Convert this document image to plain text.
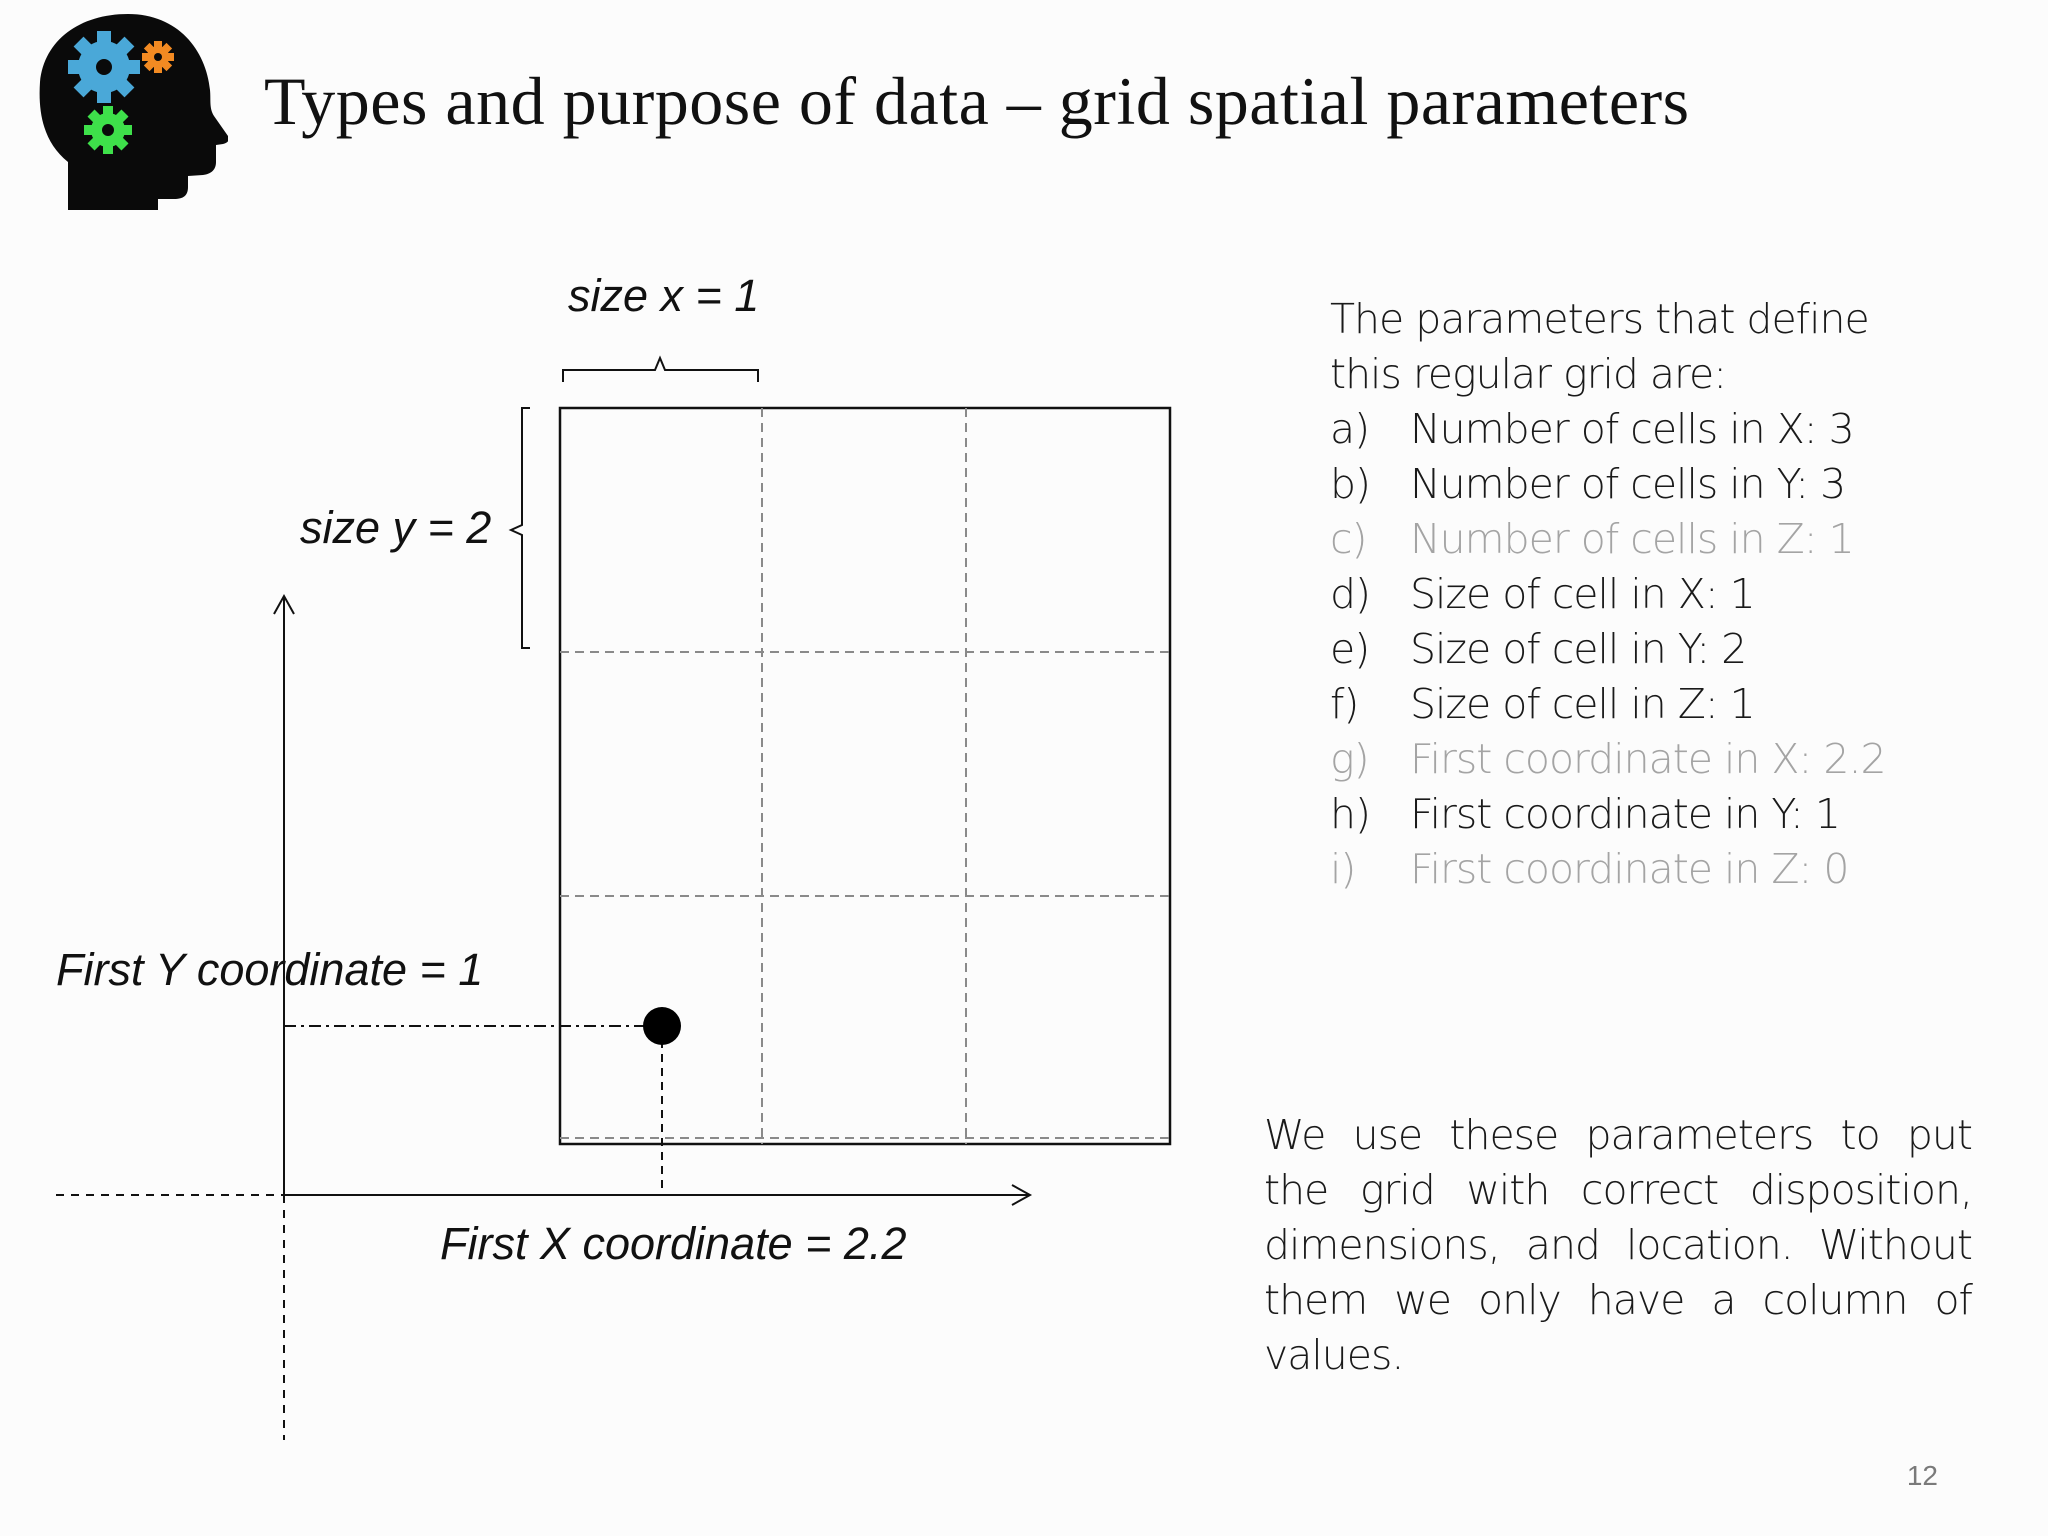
Types and purpose of data – grid spatial parameters

size x = 1

size y = 2

First Y coordinate = 1

First X coordinate = 2.2

The parameters that define this regular grid are:

a) Number of cells in X: 3
b) Number of cells in Y: 3
c)	Number of cells in Z: 1
d) Size of cell in X: 1
e) Size of cell in Y: 2
f)	Size of cell in Z: 1
g)	First coordinate in X: 2.2
h) First coordinate in Y: 1
i)	First coordinate in Z: 0

We use these parameters to put the grid with correct disposition, dimensions, and location. Without them we only have a column of values.

12
